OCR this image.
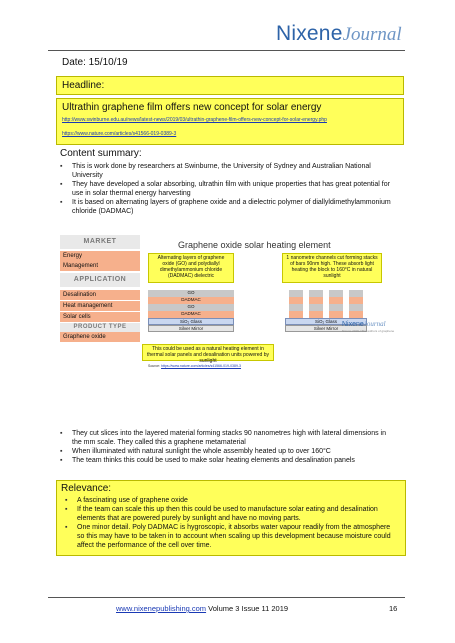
NixeneJournal
Date: 15/10/19
Headline:
Ultrathin graphene film offers new concept for solar energy
http://www.swinburne.edu.au/news/latest-news/2019/03/ultrathin-graphene-film-offers-new-concept-for-solar-energy.php
https://www.nature.com/articles/s41566-019-0389-3
Content summary:
▪ This is work done by researchers at Swinburne, the University of Sydney and Australian National University
▪ They have developed a solar absorbing, ultrathin film with unique properties that has great potential for use in solar thermal energy harvesting
▪ It is based on alternating layers of graphene oxide and a dielectric polymer of diallyldimethylammonium chloride (DADMAC)
MARKET
Energy
Management
APPLICATION
Desalination
Heat management
Solar cells
PRODUCT TYPE
Graphene oxide
Graphene oxide solar heating element
Alternating layers of graphene oxide (GO) and polydiallyl dimethylammonium chloride (DADMAC) dielectric
1 nanometre channels cut forming stacks of bars 90nm high. These absorb light heating the block to 160°C in natural sunlight
GO
DADMAC
GO
DADMAC
SiO₂ Glass
Silver Mirror
SiO₂ Glass
Silver Mirror
NixeneJournal
Nixene 2019 / The authors of graphene
This could be used as a natural heating element in thermal solar panels and desalination units powered by sunlight
Source: https://www.nature.com/articles/s41566-019-0389-3
▪ They cut slices into the layered material forming stacks 90 nanometres high with lateral dimensions in the mm scale. They called this a graphene metamaterial
▪ When illuminated with natural sunlight the whole assembly heated up to over 160°C
▪ The team thinks this could be used to make solar heating elements and desalination panels
Relevance:
▪ A fascinating use of graphene oxide
▪ If the team can scale this up then this could be used to manufacture solar eating and desalination elements that are powered purely by sunlight and have no moving parts.
▪ One minor detail. Poly DADMAC is hygroscopic, it absorbs water vapour readily from the atmosphere so this may have to be taken in to account when scaling up this development because moisture could affect the performance of the cell over time.
www.nixenepublishing.com Volume 3 Issue 11 2019	16
